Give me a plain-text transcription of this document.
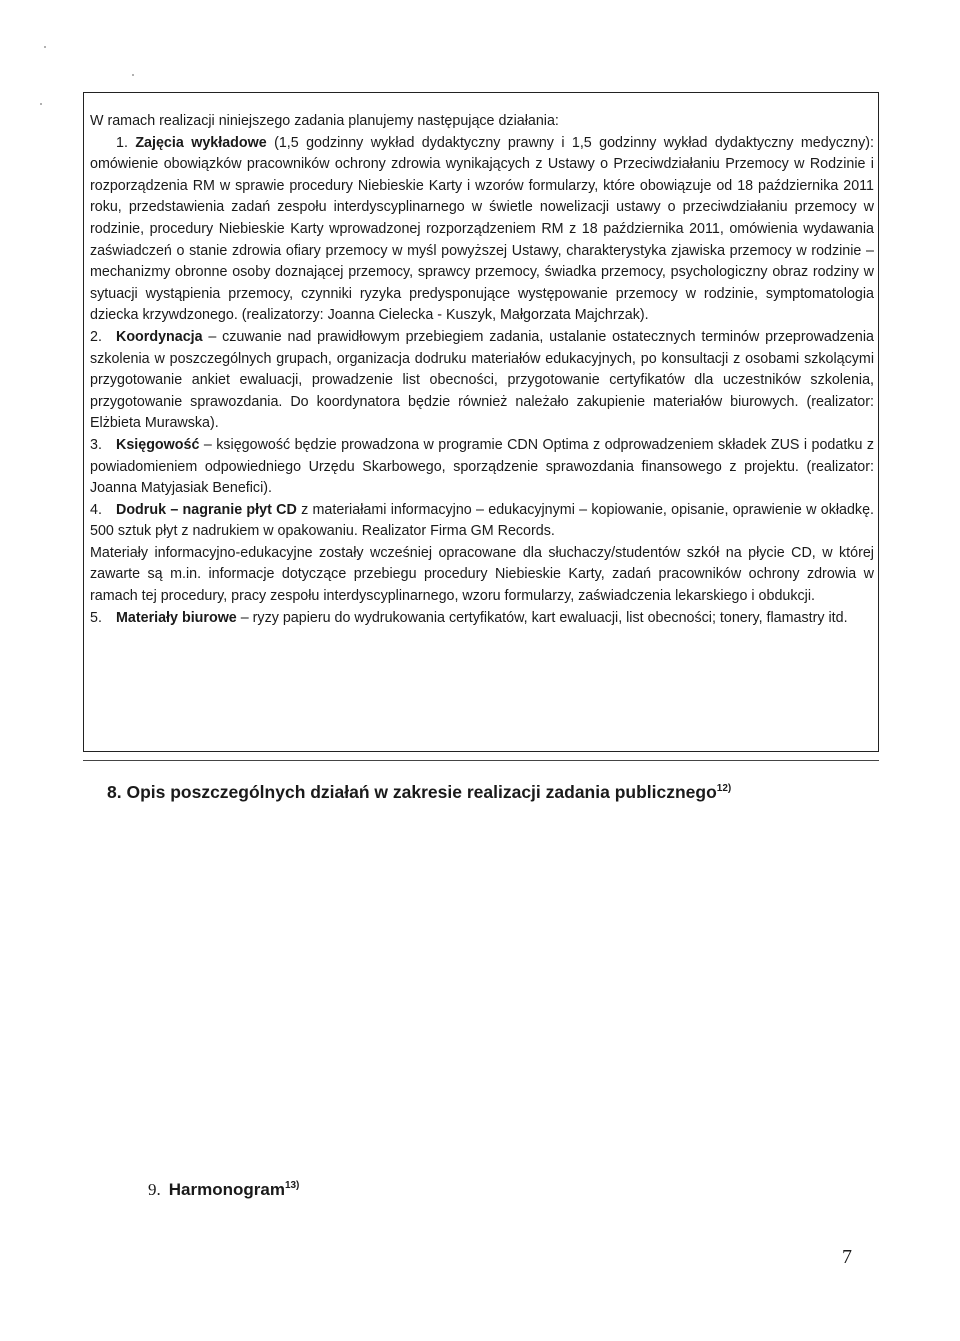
W ramach realizacji niniejszego zadania planujemy następujące działania:

1. Zajęcia wykładowe (1,5 godzinny wykład dydaktyczny prawny i 1,5 godzinny wykład dydaktyczny medyczny): omówienie obowiązków pracowników ochrony zdrowia wynikających z Ustawy o Przeciwdziałaniu Przemocy w Rodzinie i rozporządzenia RM w sprawie procedury Niebieskie Karty i wzorów formularzy, które obowiązuje od 18 października 2011 roku, przedstawienia zadań zespołu interdyscyplinarnego w świetle nowelizacji ustawy o przeciwdziałaniu przemocy w rodzinie, procedury Niebieskie Karty wprowadzonej rozporządzeniem RM z 18 października 2011, omówienia wydawania zaświadczeń o stanie zdrowia ofiary przemocy w myśl powyższej Ustawy, charakterystyka zjawiska przemocy w rodzinie – mechanizmy obronne osoby doznającej przemocy, sprawcy przemocy, świadka przemocy, psychologiczny obraz rodziny w sytuacji wystąpienia przemocy, czynniki ryzyka predysponujące występowanie przemocy w rodzinie, symptomatologia dziecka krzywdzonego. (realizatorzy: Joanna Cielecka - Kuszyk, Małgorzata Majchrzak).

2. Koordynacja – czuwanie nad prawidłowym przebiegiem zadania, ustalanie ostatecznych terminów przeprowadzenia szkolenia w poszczególnych grupach, organizacja dodruku materiałów edukacyjnych, po konsultacji z osobami szkolącymi przygotowanie ankiet ewaluacji, prowadzenie list obecności, przygotowanie certyfikatów dla uczestników szkolenia, przygotowanie sprawozdania. Do koordynatora będzie również należało zakupienie materiałów biurowych. (realizator: Elżbieta Murawska).

3. Księgowość – księgowość będzie prowadzona w programie CDN Optima z odprowadzeniem składek ZUS i podatku z powiadomieniem odpowiedniego Urzędu Skarbowego, sporządzenie sprawozdania finansowego z projektu. (realizator: Joanna Matyjasiak Benefici).

4. Dodruk – nagranie płyt CD z materiałami informacyjno – edukacyjnymi – kopiowanie, opisanie, oprawienie w okładkę. 500 sztuk płyt z nadrukiem w opakowaniu. Realizator Firma GM Records.

Materiały informacyjno-edukacyjne zostały wcześniej opracowane dla słuchaczy/studentów szkół na płycie CD, w której zawarte są m.in. informacje dotyczące przebiegu procedury Niebieskie Karty, zadań pracowników ochrony zdrowia w ramach tej procedury, pracy zespołu interdyscyplinarnego, wzoru formularzy, zaświadczenia lekarskiego i obdukcji.

5. Materiały biurowe – ryzy papieru do wydrukowania certyfikatów, kart ewaluacji, list obecności; tonery, flamastry itd.

8. Opis poszczególnych działań w zakresie realizacji zadania publicznego$^{12)}$
9. Harmonogram$^{13)}$
7
